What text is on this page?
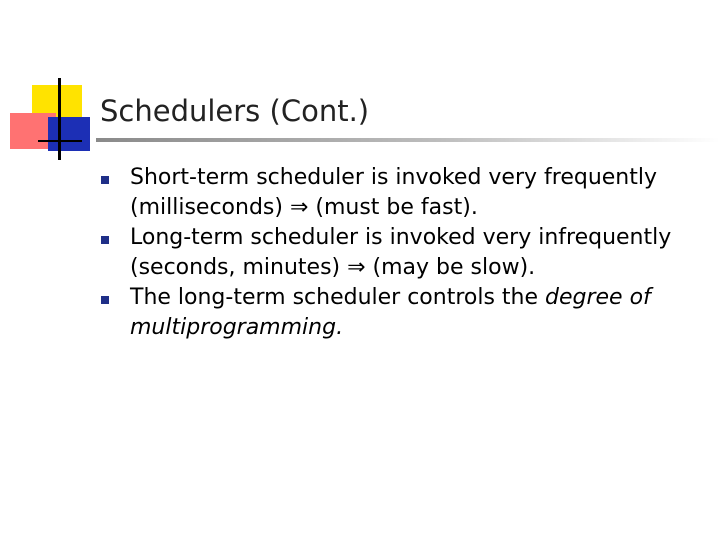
Schedulers (Cont.)
Short-term scheduler is invoked very frequently
(milliseconds) ⇒ (must be fast).
Long-term scheduler is invoked very infrequently
(seconds, minutes) ⇒ (may be slow).
The long-term scheduler controls the degree of
multiprogramming.
